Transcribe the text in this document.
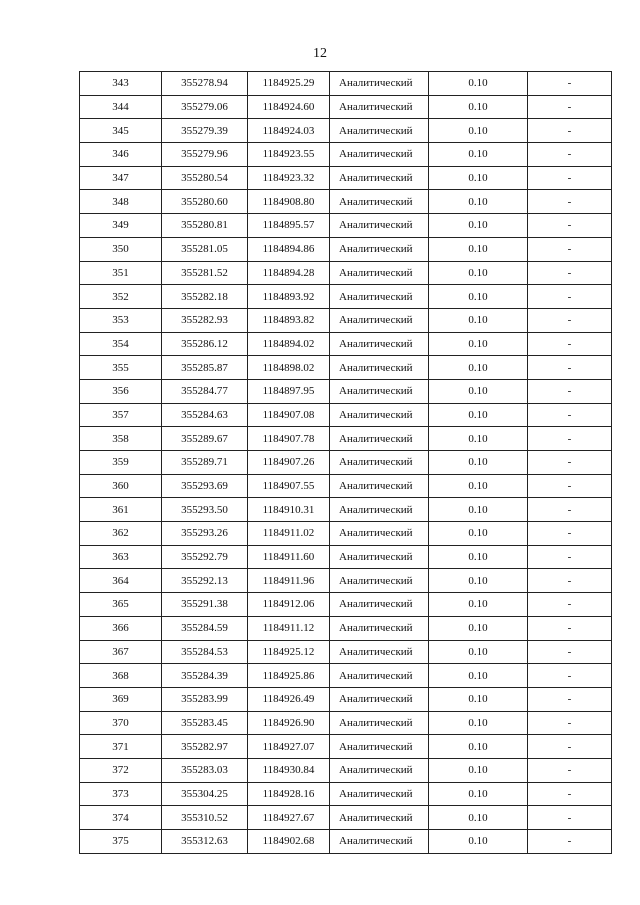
12
343	355278.94	1184925.29	Аналитический	0.10	-
344	355279.06	1184924.60	Аналитический	0.10	-
345	355279.39	1184924.03	Аналитический	0.10	-
346	355279.96	1184923.55	Аналитический	0.10	-
347	355280.54	1184923.32	Аналитический	0.10	-
348	355280.60	1184908.80	Аналитический	0.10	-
349	355280.81	1184895.57	Аналитический	0.10	-
350	355281.05	1184894.86	Аналитический	0.10	-
351	355281.52	1184894.28	Аналитический	0.10	-
352	355282.18	1184893.92	Аналитический	0.10	-
353	355282.93	1184893.82	Аналитический	0.10	-
354	355286.12	1184894.02	Аналитический	0.10	-
355	355285.87	1184898.02	Аналитический	0.10	-
356	355284.77	1184897.95	Аналитический	0.10	-
357	355284.63	1184907.08	Аналитический	0.10	-
358	355289.67	1184907.78	Аналитический	0.10	-
359	355289.71	1184907.26	Аналитический	0.10	-
360	355293.69	1184907.55	Аналитический	0.10	-
361	355293.50	1184910.31	Аналитический	0.10	-
362	355293.26	1184911.02	Аналитический	0.10	-
363	355292.79	1184911.60	Аналитический	0.10	-
364	355292.13	1184911.96	Аналитический	0.10	-
365	355291.38	1184912.06	Аналитический	0.10	-
366	355284.59	1184911.12	Аналитический	0.10	-
367	355284.53	1184925.12	Аналитический	0.10	-
368	355284.39	1184925.86	Аналитический	0.10	-
369	355283.99	1184926.49	Аналитический	0.10	-
370	355283.45	1184926.90	Аналитический	0.10	-
371	355282.97	1184927.07	Аналитический	0.10	-
372	355283.03	1184930.84	Аналитический	0.10	-
373	355304.25	1184928.16	Аналитический	0.10	-
374	355310.52	1184927.67	Аналитический	0.10	-
375	355312.63	1184902.68	Аналитический	0.10	-
